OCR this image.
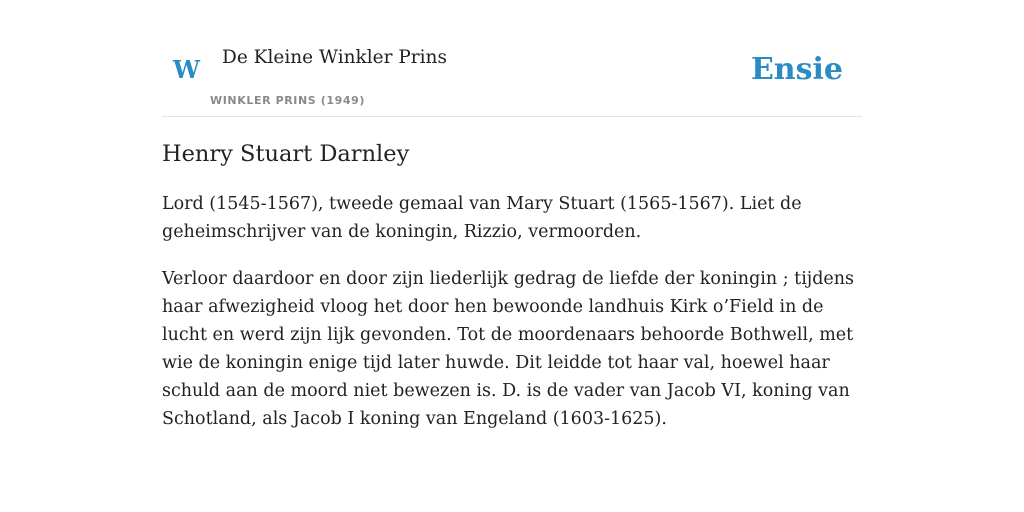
W De Kleine Winkler Prins
WINKLER PRINS (1949)
Ensie
Henry Stuart Darnley

Lord (1545-1567), tweede gemaal van Mary Stuart (1565-1567). Liet de geheimschrijver van de koningin, Rizzio, vermoorden.

Verloor daardoor en door zijn liederlijk gedrag de liefde der koningin ; tijdens haar afwezigheid vloog het door hen bewoonde landhuis Kirk o’Field in de lucht en werd zijn lijk gevonden. Tot de moordenaars behoorde Bothwell, met wie de koningin enige tijd later huwde. Dit leidde tot haar val, hoewel haar schuld aan de moord niet bewezen is. D. is de vader van Jacob VI, koning van Schotland, als Jacob I koning van Engeland (1603-1625).
